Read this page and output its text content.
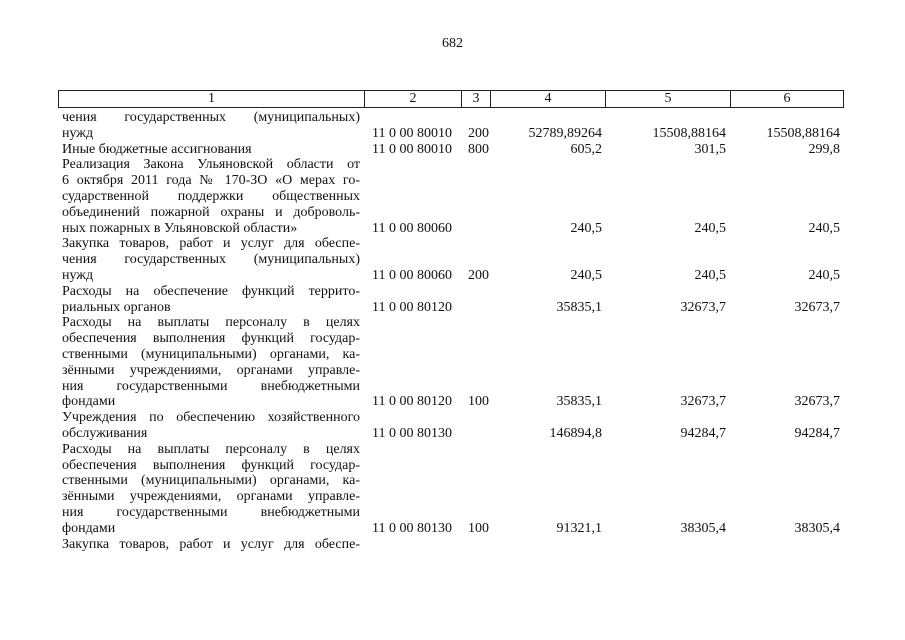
682
1	2	3	4	5	6
чения государственных (муниципальных)
нужд	11 0 00 80010 200	52789,89264	15508,88164	15508,88164
Иные бюджетные ассигнования	11 0 00 80010 800	605,2	301,5	299,8
Реализация Закона Ульяновской области от
6 октября 2011 года № 170-ЗО «О мерах го-
сударственной поддержки общественных
объединений пожарной охраны и доброволь-
ных пожарных в Ульяновской области»	11 0 00 80060	240,5	240,5	240,5
Закупка товаров, работ и услуг для обеспе-
чения государственных (муниципальных)
нужд	11 0 00 80060 200	240,5	240,5	240,5
Расходы на обеспечение функций террито-
риальных органов	11 0 00 80120	35835,1	32673,7	32673,7
Расходы на выплаты персоналу в целях
обеспечения выполнения функций государ-
ственными (муниципальными) органами, ка-
зёнными учреждениями, органами управле-
ния государственными внебюджетными
фондами	11 0 00 80120 100	35835,1	32673,7	32673,7
Учреждения по обеспечению хозяйственного
обслуживания	11 0 00 80130	146894,8	94284,7	94284,7
Расходы на выплаты персоналу в целях
обеспечения выполнения функций государ-
ственными (муниципальными) органами, ка-
зёнными учреждениями, органами управле-
ния государственными внебюджетными
фондами	11 0 00 80130 100	91321,1	38305,4	38305,4
Закупка товаров, работ и услуг для обеспе-
